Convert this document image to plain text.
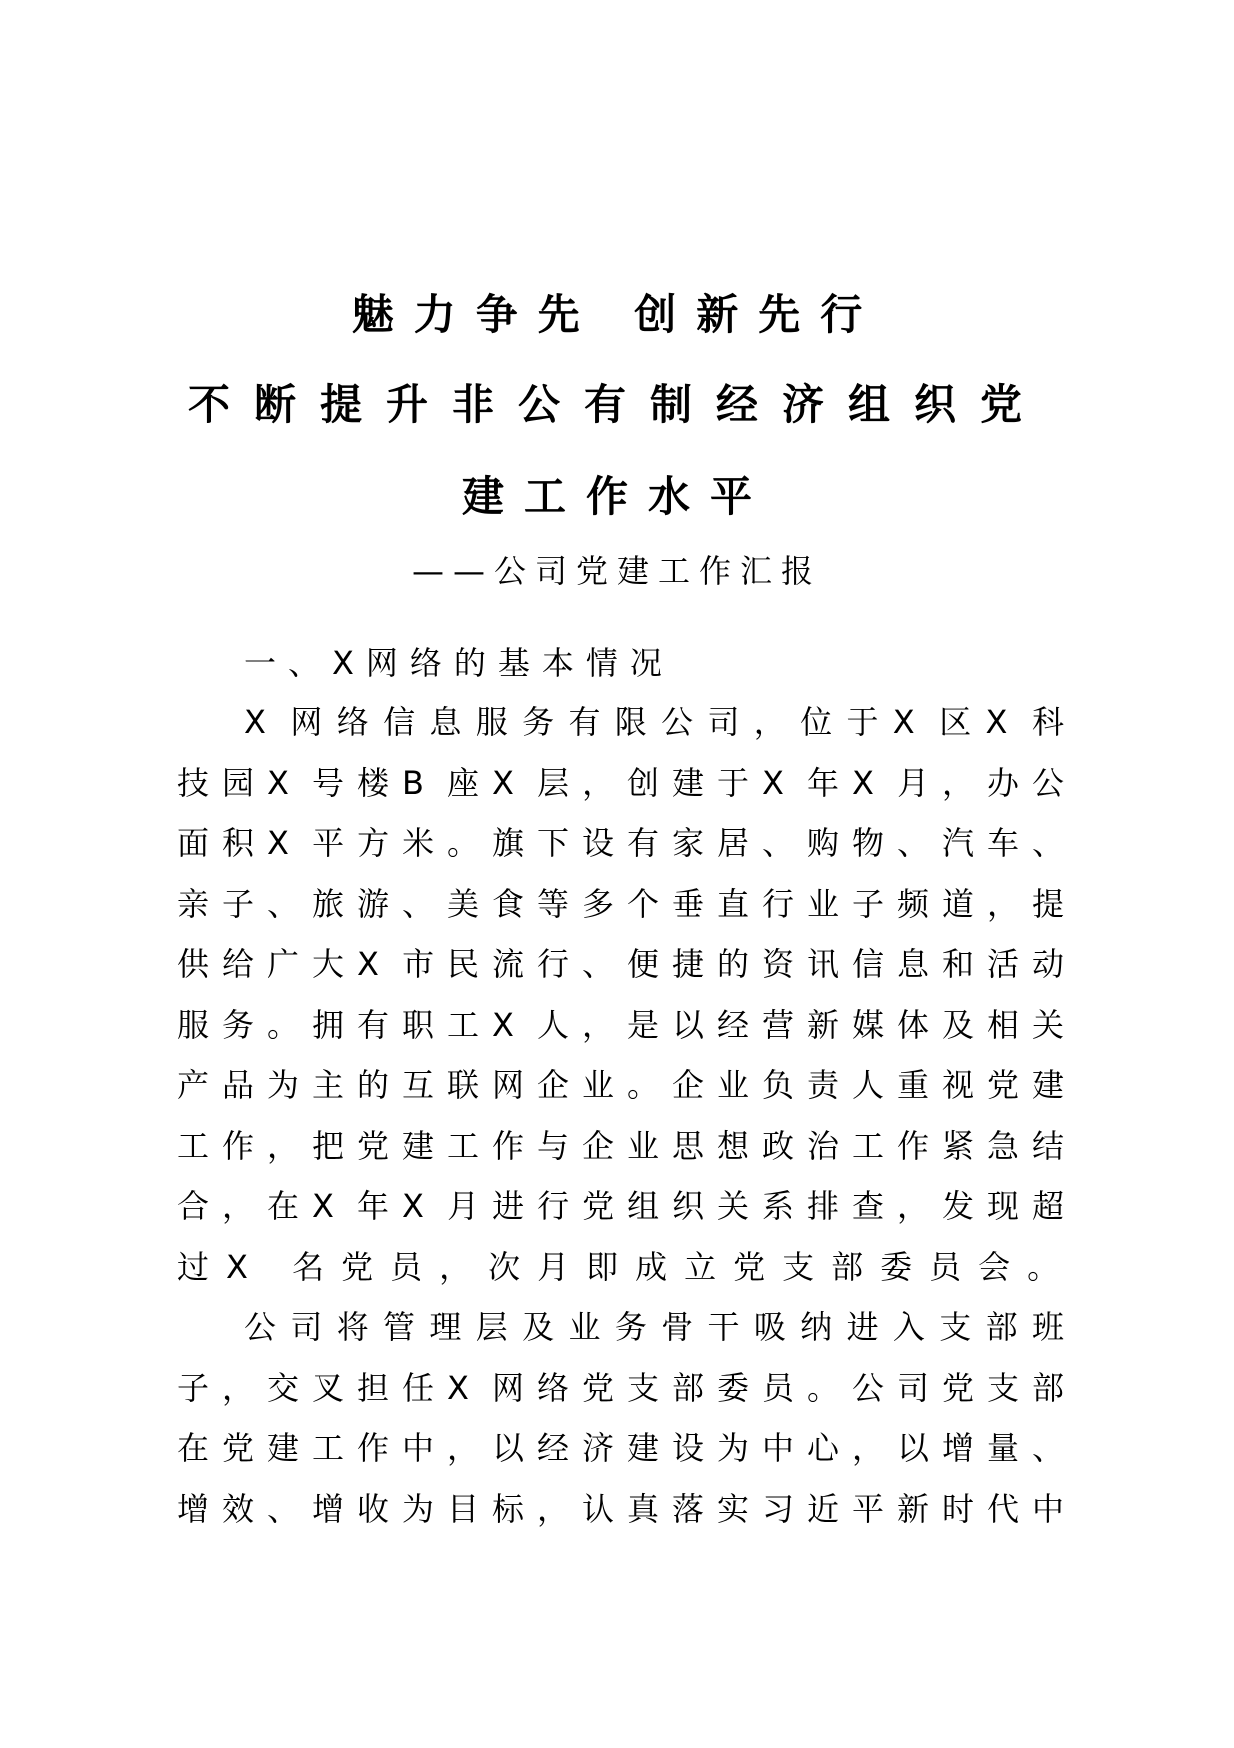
魅力争先 创新先行
不断提升非公有制经济组织党
建工作水平
——公司党建工作汇报
一、X网络的基本情况
X 网络信息服务有限公司，位于X 区X 科
技园X 号楼B 座X 层，创建于X 年X 月，办公
面积X 平方米。旗下设有家居、购物、汽车、
亲子、旅游、美食等多个垂直行业子频道，提
供给广大X 市民流行、便捷的资讯信息和活动
服务。拥有职工X 人，是以经营新媒体及相关
产品为主的互联网企业。企业负责人重视党建
工作，把党建工作与企业思想政治工作紧急结
合，在X 年X 月进行党组织关系排查，发现超
过X 名党员，次月即成立党支部委员会。
公司将管理层及业务骨干吸纳进入支部班
子，交叉担任X 网络党支部委员。公司党支部
在党建工作中，以经济建设为中心，以增量、
增效、增收为目标，认真落实习近平新时代中
